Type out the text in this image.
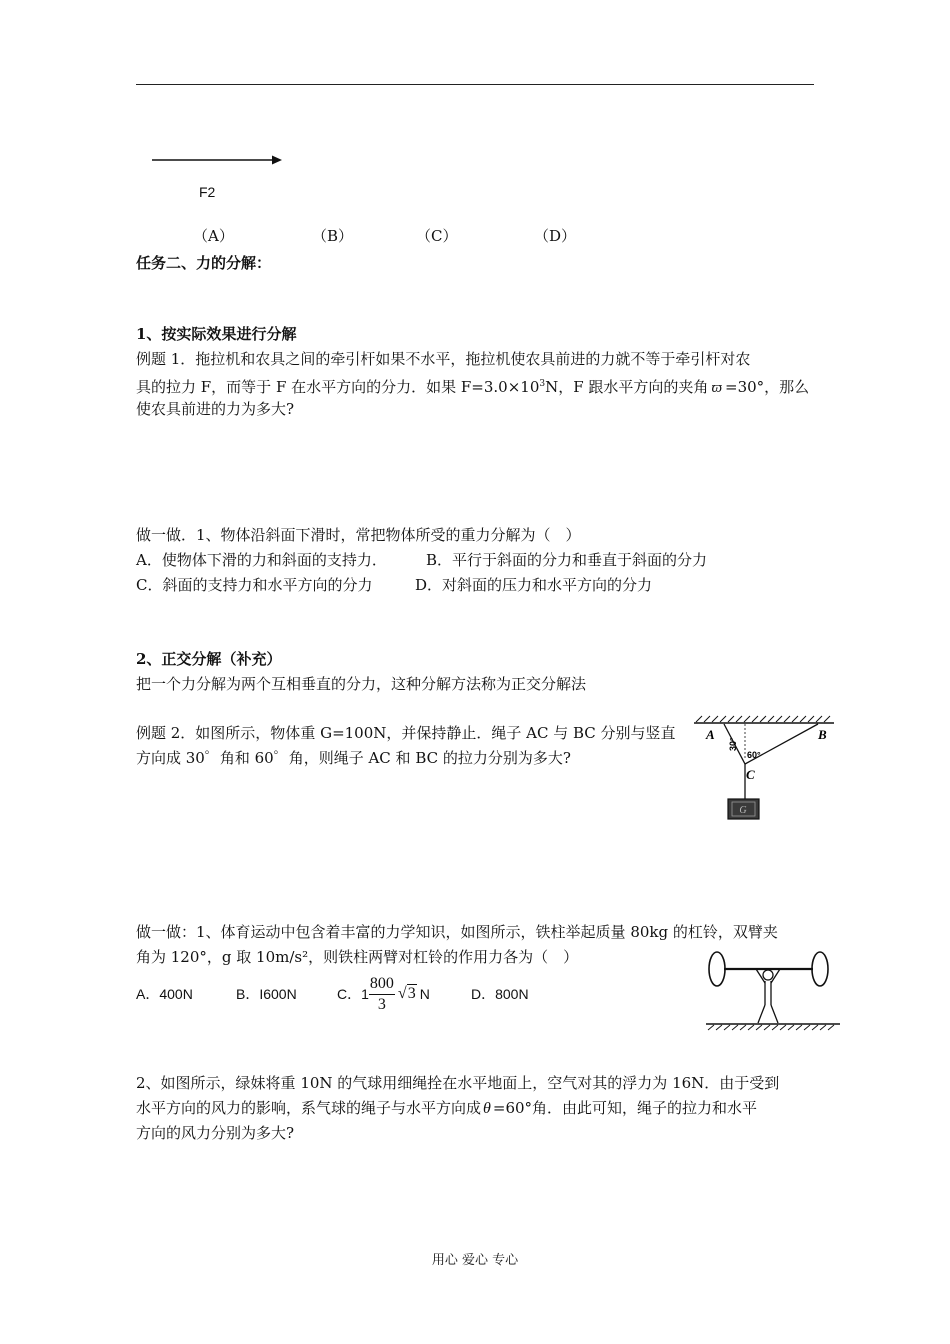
F2
（A）	（B）	（C）	（D）
任务二、力的分解：
1、按实际效果进行分解
例题 1．拖拉机和农具之间的牵引杆如果不水平，拖拉机使农具前进的力就不等于牵引杆对农
具的拉力 F，而等于 F 在水平方向的分力．如果 $F=3.0\times 10^3N$，F 跟水平方向的夹角 ϖ =30°，那么
使农具前进的力为多大?
做一做．1、物体沿斜面下滑时，常把物体所受的重力分解为（　）
A．使物体下滑的力和斜面的支持力．	B．平行于斜面的分力和垂直于斜面的分力
C．斜面的支持力和水平方向的分力	D．对斜面的压力和水平方向的分力
2、正交分解（补充）
把一个力分解为两个互相垂直的分力，这种分解方法称为正交分解法
例题 2．如图所示，物体重 G=100N，并保持静止．绳子 AC 与 BC 分别与竖直
方向成 30゜角和 60゜角，则绳子 AC 和 BC 的拉力分别为多大?
G
A	B
C
30°
60°
做一做：1、体育运动中包含着丰富的力学知识，如图所示，铁柱举起质量 80kg 的杠铃，双臂夹
角为 120°，g 取 10m/s²，则铁柱两臂对杠铃的作用力各为（　）
A．400N	B．I600N	C．$1 \frac{800}{3} √3$ N	D．800N
2、如图所示，绿妹将重 10N 的气球用细绳拴在水平地面上，空气对其的浮力为 16N．由于受到
水平方向的风力的影响，系气球的绳子与水平方向成 θ =60°角．由此可知，绳子的拉力和水平
方向的风力分别为多大?
用心 爱心 专心
